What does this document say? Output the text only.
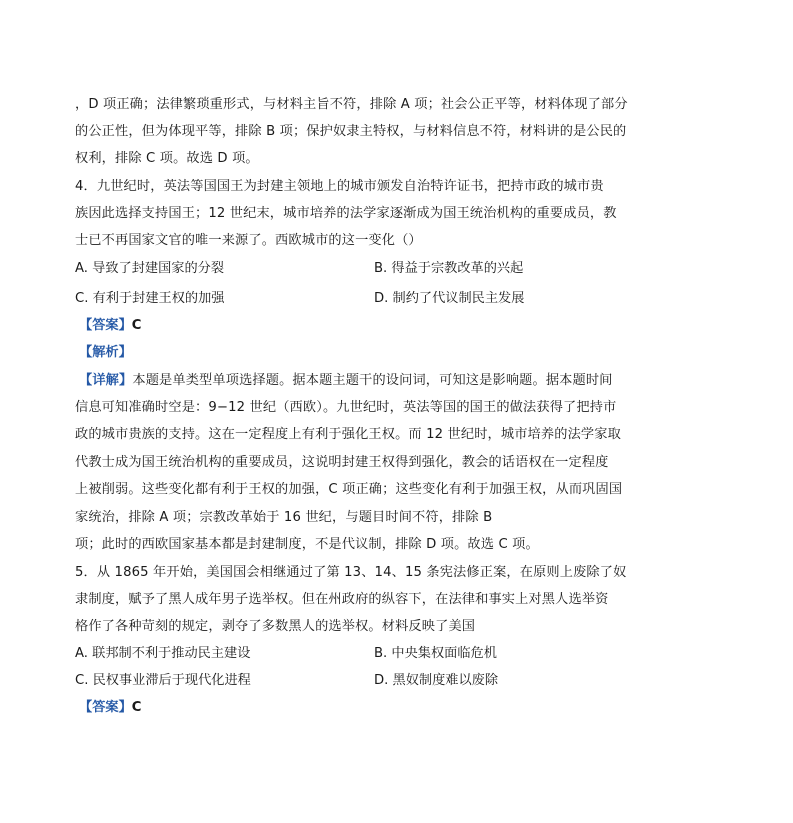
，D 项正确；法律繁琐重形式，与材料主旨不符，排除 A 项；社会公正平等，材料体现了部分
的公正性，但为体现平等，排除 B 项；保护奴隶主特权，与材料信息不符，材料讲的是公民的
权利，排除 C 项。故选 D 项。
4．九世纪时，英法等国国王为封建主领地上的城市颁发自治特许证书，把持市政的城市贵
族因此选择支持国王；12 世纪末，城市培养的法学家逐渐成为国王统治机构的重要成员，教
士已不再国家文官的唯一来源了。西欧城市的这一变化（）
A. 导致了封建国家的分裂	B. 得益于宗教改革的兴起
C. 有利于封建王权的加强	D. 制约了代议制民主发展
【答案】C
【解析】
【详解】本题是单类型单项选择题。据本题主题干的设问词，可知这是影响题。据本题时间
信息可知准确时空是：9−12 世纪（西欧）。九世纪时，英法等国的国王的做法获得了把持市
政的城市贵族的支持。这在一定程度上有利于强化王权。而 12 世纪时，城市培养的法学家取
代教士成为国王统治机构的重要成员，这说明封建王权得到强化，教会的话语权在一定程度
上被削弱。这些变化都有利于王权的加强，C 项正确；这些变化有利于加强王权，从而巩固国
家统治，排除 A 项；宗教改革始于 16 世纪，与题目时间不符，排除 B
项；此时的西欧国家基本都是封建制度，不是代议制，排除 D 项。故选 C 项。
5．从 1865 年开始，美国国会相继通过了第 13、14、15 条宪法修正案，在原则上废除了奴
隶制度，赋予了黑人成年男子选举权。但在州政府的纵容下，在法律和事实上对黑人选举资
格作了各种苛刻的规定，剥夺了多数黑人的选举权。材料反映了美国
A. 联邦制不利于推动民主建设	B. 中央集权面临危机
C. 民权事业滞后于现代化进程	D. 黑奴制度难以废除
【答案】C
